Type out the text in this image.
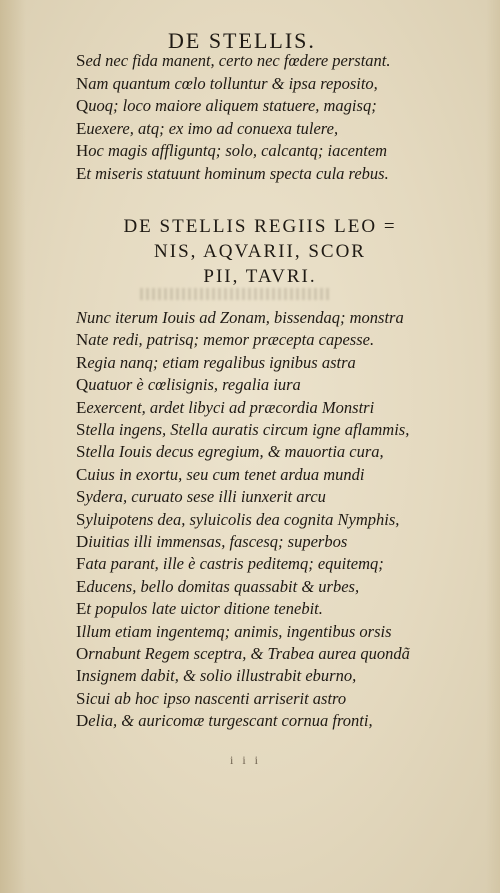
DE STELLIS.
Sed nec fida manent, certo nec fœdere perstant.
Nam quantum cœlo tolluntur & ipsa reposito,
Quoq; loco maiore aliquem statuere, magisq;
Euexere, atq; ex imo ad conuexa tulere,
Hoc magis affliguntq; solo, calcantq; iacentem
Et miseris statuunt hominum specta cula rebus.
DE STELLIS REGIIS LEO =
NIS, AQVARII, SCOR
PII, TAVRI.
Nunc iterum Iouis ad Zonam, bissendaq; monstra
Nate redi, patrisq; memor præcepta capesse.
Regia nanq; etiam regalibus ignibus astra
Quatuor è cœlisignis, regalia iura
Eexercent, ardet libyci ad præcordia Monstri
Stella ingens, Stella auratis circum igne aflammis,
Stella Iouis decus egregium, & mauortia cura,
Cuius in exortu, seu cum tenet ardua mundi
Sydera, curuato sese illi iunxerit arcu
Syluipotens dea, syluicolis dea cognita Nymphis,
Diuitias illi immensas, fascesq; superbos
Fata parant, ille è castris peditemq; equitemq;
Educens, bello domitas quassabit & urbes,
Et populos late uictor ditione tenebit.
Illum etiam ingentemq; animis, ingentibus orsis
Ornabunt Regem sceptra, & Trabea aurea quondã
Insignem dabit, & solio illustrabit eburno,
Sicui ab hoc ipso nascenti arriserit astro
Delia, & auricomæ turgescant cornua fronti,
i i i
